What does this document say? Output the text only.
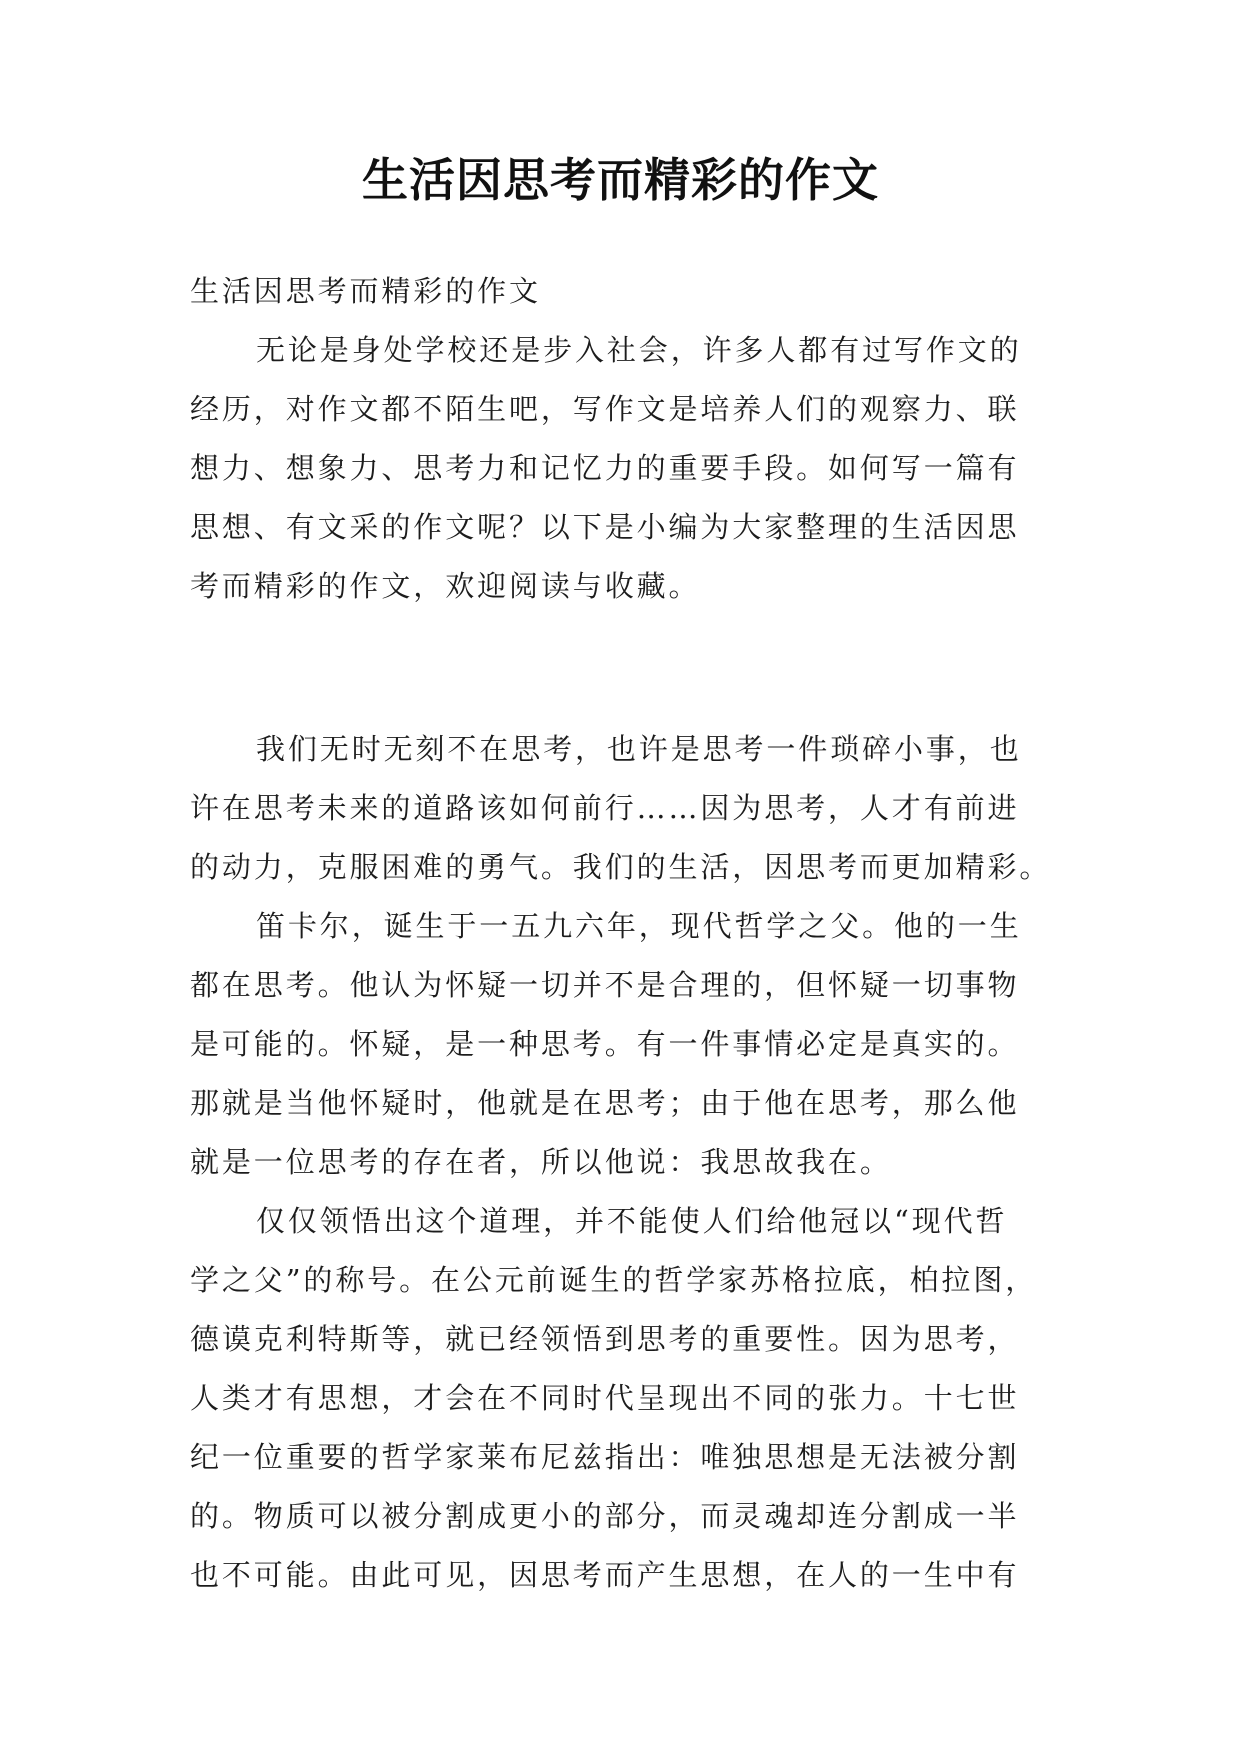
生活因思考而精彩的作文
生活因思考而精彩的作文
无论是身处学校还是步入社会，许多人都有过写作文的
经历，对作文都不陌生吧，写作文是培养人们的观察力、联
想力、想象力、思考力和记忆力的重要手段。如何写一篇有
思想、有文采的作文呢？以下是小编为大家整理的生活因思
考而精彩的作文，欢迎阅读与收藏。
我们无时无刻不在思考，也许是思考一件琐碎小事，也
许在思考未来的道路该如何前行……因为思考，人才有前进
的动力，克服困难的勇气。我们的生活，因思考而更加精彩。
笛卡尔，诞生于一五九六年，现代哲学之父。他的一生
都在思考。他认为怀疑一切并不是合理的，但怀疑一切事物
是可能的。怀疑，是一种思考。有一件事情必定是真实的。
那就是当他怀疑时，他就是在思考；由于他在思考，那么他
就是一位思考的存在者，所以他说：我思故我在。
仅仅领悟出这个道理，并不能使人们给他冠以“现代哲
学之父”的称号。在公元前诞生的哲学家苏格拉底，柏拉图，
德谟克利特斯等，就已经领悟到思考的重要性。因为思考，
人类才有思想，才会在不同时代呈现出不同的张力。十七世
纪一位重要的哲学家莱布尼兹指出：唯独思想是无法被分割
的。物质可以被分割成更小的部分，而灵魂却连分割成一半
也不可能。由此可见，因思考而产生思想，在人的一生中有
